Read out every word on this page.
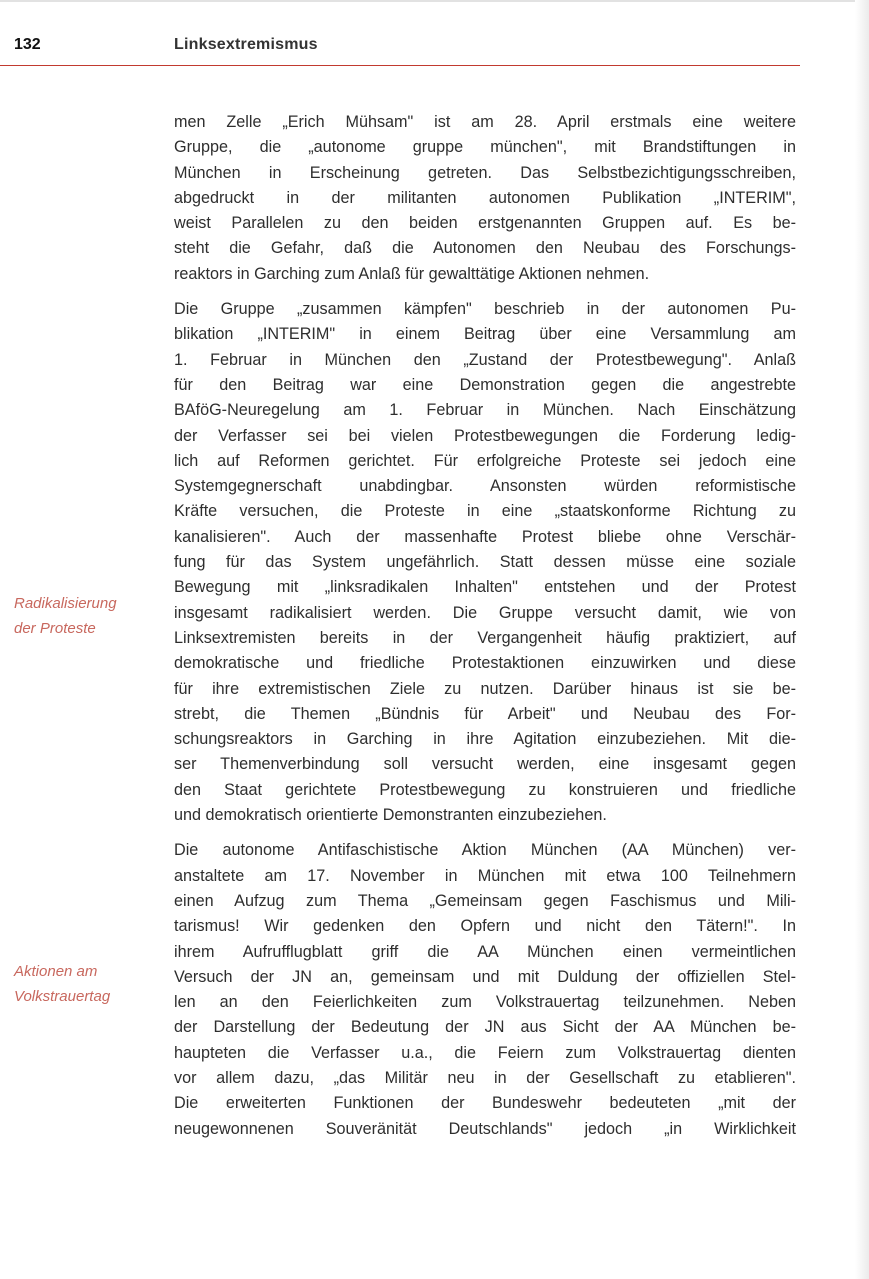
132	Linksextremismus
Radikalisierung
der Proteste
Aktionen am
Volkstrauertag

men Zelle „Erich Mühsam" ist am 28. April erstmals eine weitere
Gruppe, die „autonome gruppe münchen", mit Brandstiftungen in
München in Erscheinung getreten. Das Selbstbezichtigungsschreiben,
abgedruckt in der militanten autonomen Publikation „INTERIM",
weist Parallelen zu den beiden erstgenannten Gruppen auf. Es be-
steht die Gefahr, daß die Autonomen den Neubau des Forschungs-
reaktors in Garching zum Anlaß für gewalttätige Aktionen nehmen.

Die Gruppe „zusammen kämpfen" beschrieb in der autonomen Pu-
blikation „INTERIM" in einem Beitrag über eine Versammlung am
1. Februar in München den „Zustand der Protestbewegung". Anlaß
für den Beitrag war eine Demonstration gegen die angestrebte
BAföG-Neuregelung am 1. Februar in München. Nach Einschätzung
der Verfasser sei bei vielen Protestbewegungen die Forderung ledig-
lich auf Reformen gerichtet. Für erfolgreiche Proteste sei jedoch eine
Systemgegnerschaft unabdingbar. Ansonsten würden reformistische
Kräfte versuchen, die Proteste in eine „staatskonforme Richtung zu
kanalisieren". Auch der massenhafte Protest bliebe ohne Verschär-
fung für das System ungefährlich. Statt dessen müsse eine soziale
Bewegung mit „linksradikalen Inhalten" entstehen und der Protest
insgesamt radikalisiert werden. Die Gruppe versucht damit, wie von
Linksextremisten bereits in der Vergangenheit häufig praktiziert, auf
demokratische und friedliche Protestaktionen einzuwirken und diese
für ihre extremistischen Ziele zu nutzen. Darüber hinaus ist sie be-
strebt, die Themen „Bündnis für Arbeit" und Neubau des For-
schungsreaktors in Garching in ihre Agitation einzubeziehen. Mit die-
ser Themenverbindung soll versucht werden, eine insgesamt gegen
den Staat gerichtete Protestbewegung zu konstruieren und friedliche
und demokratisch orientierte Demonstranten einzubeziehen.

Die autonome Antifaschistische Aktion München (AA München) ver-
anstaltete am 17. November in München mit etwa 100 Teilnehmern
einen Aufzug zum Thema „Gemeinsam gegen Faschismus und Mili-
tarismus! Wir gedenken den Opfern und nicht den Tätern!". In
ihrem Aufrufflugblatt griff die AA München einen vermeintlichen
Versuch der JN an, gemeinsam und mit Duldung der offiziellen Stel-
len an den Feierlichkeiten zum Volkstrauertag teilzunehmen. Neben
der Darstellung der Bedeutung der JN aus Sicht der AA München be-
haupteten die Verfasser u.a., die Feiern zum Volkstrauertag dienten
vor allem dazu, „das Militär neu in der Gesellschaft zu etablieren".
Die erweiterten Funktionen der Bundeswehr bedeuteten „mit der
neugewonnenen Souveränität Deutschlands" jedoch „in Wirklichkeit
